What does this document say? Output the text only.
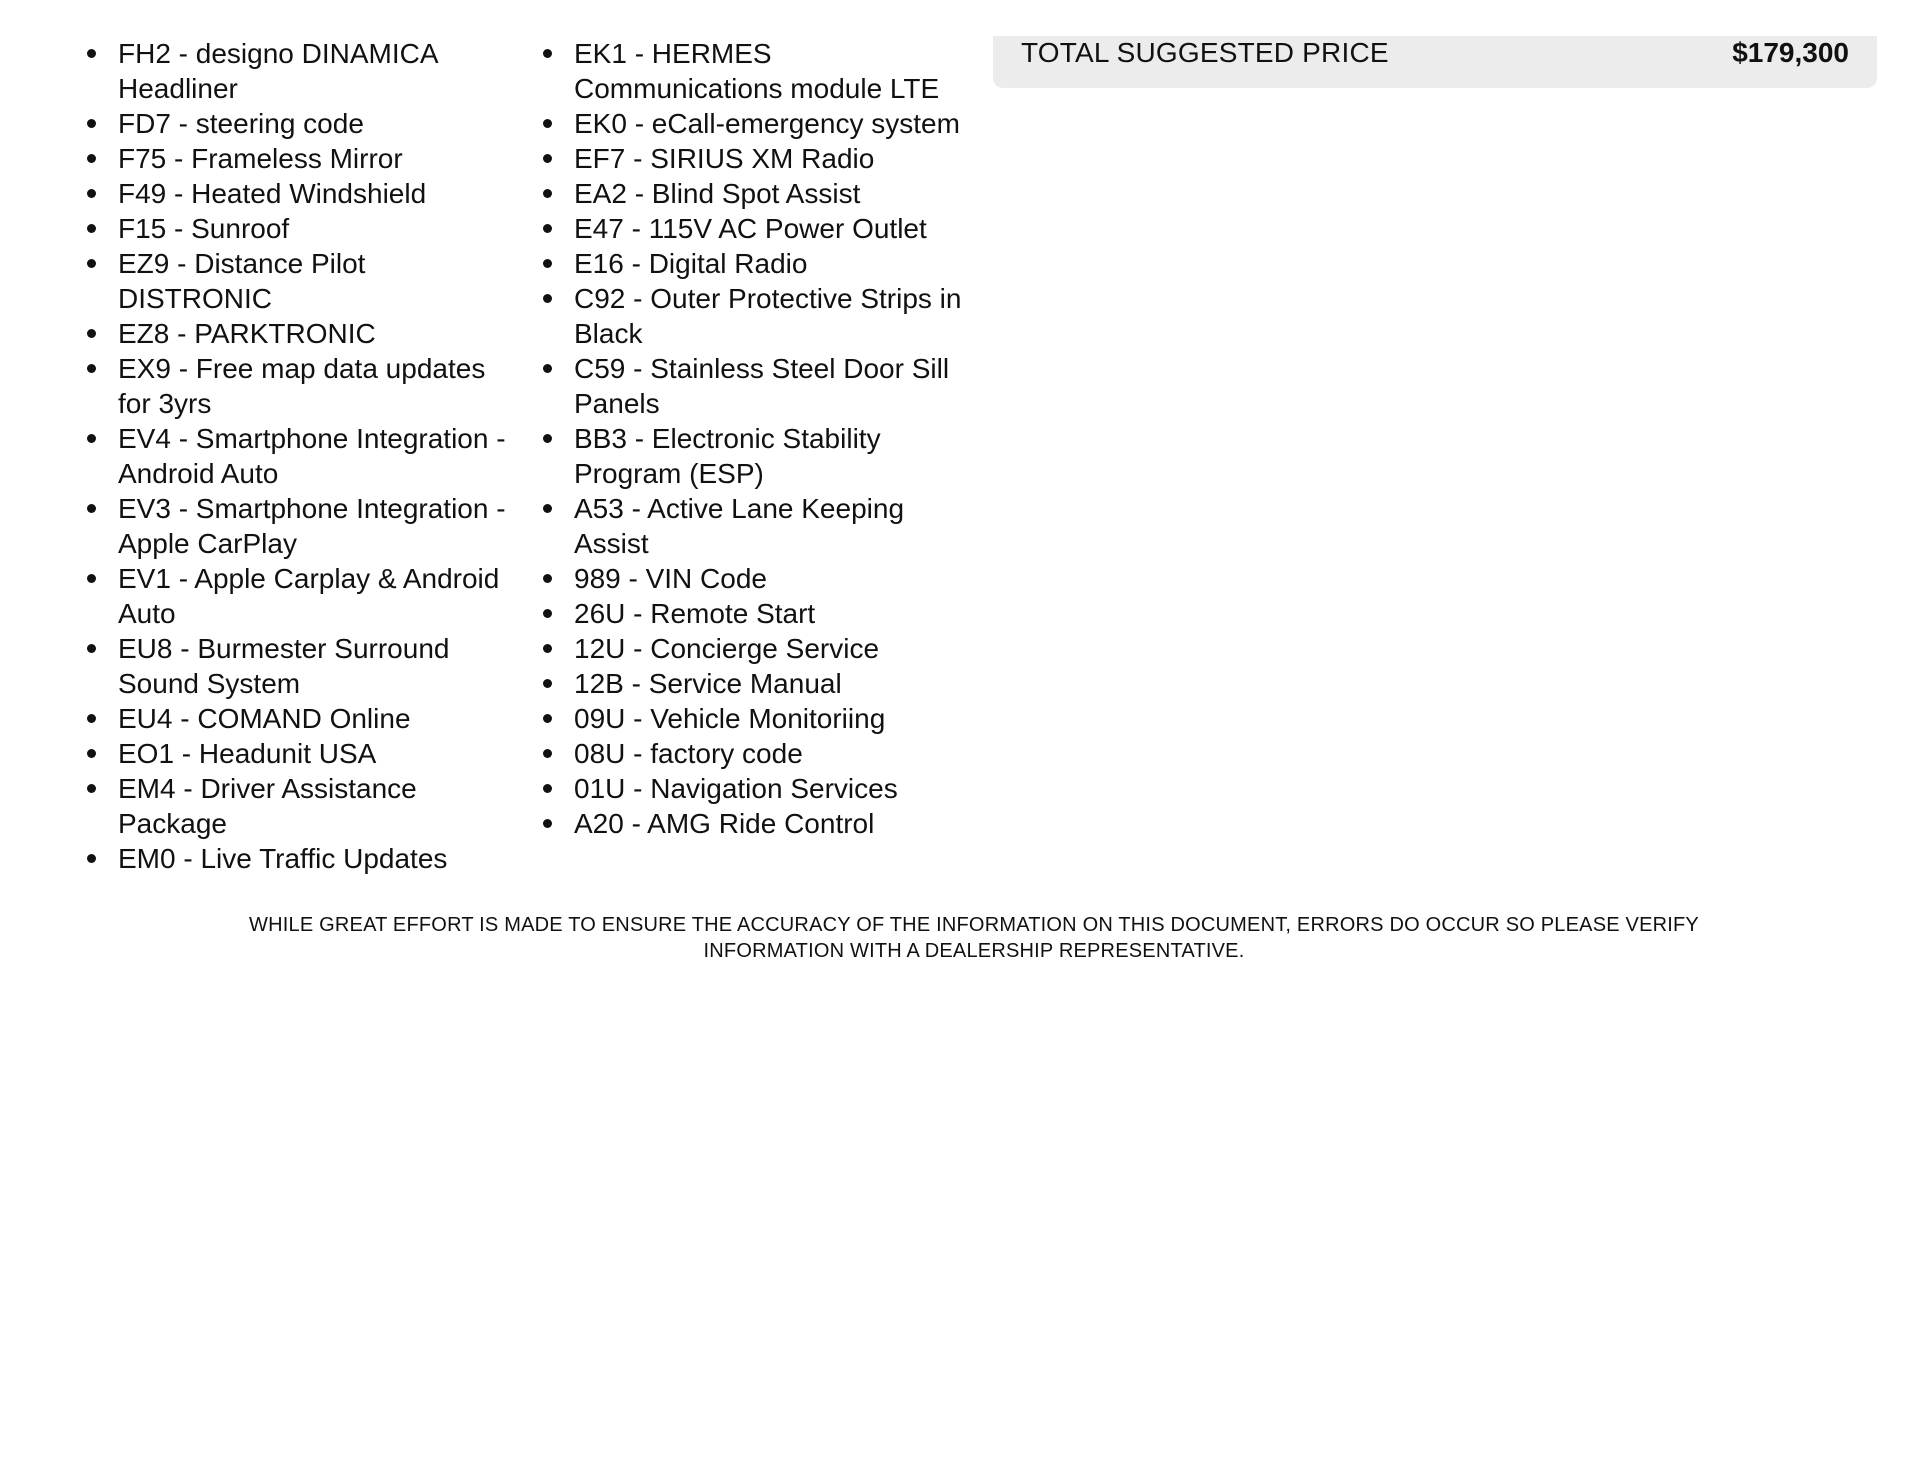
FH2 - designo DINAMICA Headliner
FD7 - steering code
F75 - Frameless Mirror
F49 - Heated Windshield
F15 - Sunroof
EZ9 - Distance Pilot DISTRONIC
EZ8 - PARKTRONIC
EX9 - Free map data updates for 3yrs
EV4 - Smartphone Integration - Android Auto
EV3 - Smartphone Integration - Apple CarPlay
EV1 - Apple Carplay & Android Auto
EU8 - Burmester Surround Sound System
EU4 - COMAND Online
EO1 - Headunit USA
EM4 - Driver Assistance Package
EM0 - Live Traffic Updates
EK1 - HERMES Communications module LTE
EK0 - eCall-emergency system
EF7 - SIRIUS XM Radio
EA2 - Blind Spot Assist
E47 - 115V AC Power Outlet
E16 - Digital Radio
C92 - Outer Protective Strips in Black
C59 - Stainless Steel Door Sill Panels
BB3 - Electronic Stability Program (ESP)
A53 - Active Lane Keeping Assist
989 - VIN Code
26U - Remote Start
12U - Concierge Service
12B - Service Manual
09U - Vehicle Monitoriing
08U - factory code
01U - Navigation Services
A20 - AMG Ride Control
TOTAL SUGGESTED PRICE	$179,300

WHILE GREAT EFFORT IS MADE TO ENSURE THE ACCURACY OF THE INFORMATION ON THIS DOCUMENT, ERRORS DO OCCUR SO PLEASE VERIFY INFORMATION WITH A DEALERSHIP REPRESENTATIVE.
